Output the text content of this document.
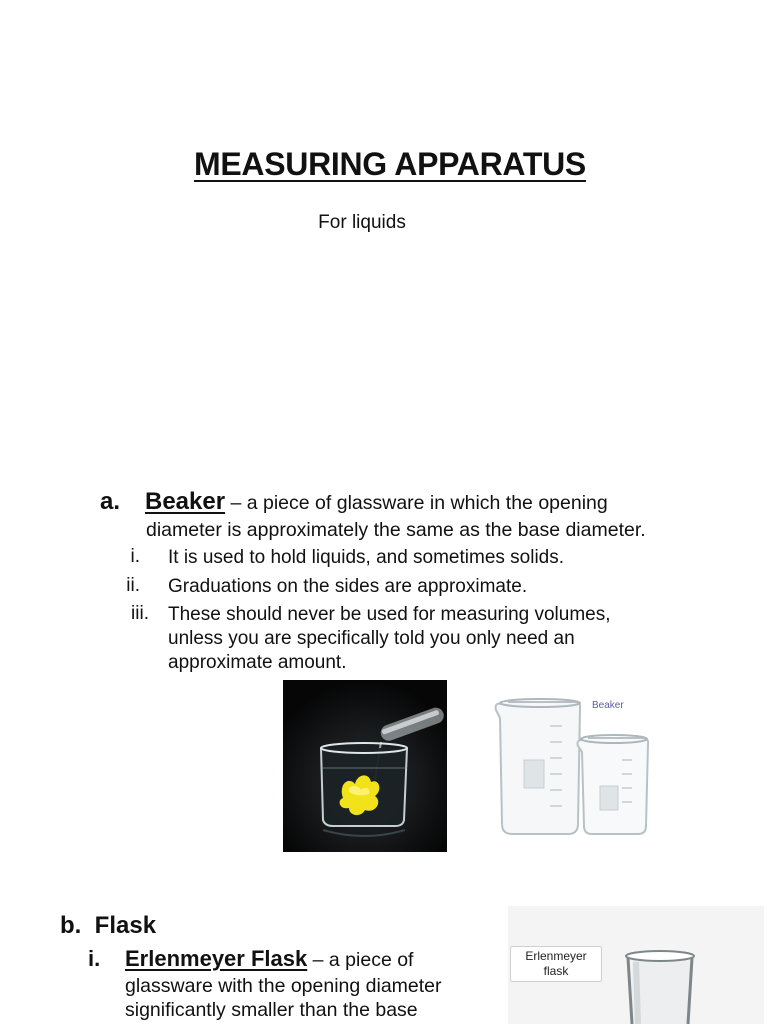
MEASURING APPARATUS
For liquids
a. Beaker – a piece of glassware in which the opening
diameter is approximately the same as the base diameter.
i. It is used to hold liquids, and sometimes solids.
ii. Graduations on the sides are approximate.
iii. These should never be used for measuring volumes,
unless you are specifically told you only need an
approximate amount.
Beaker
b.  Flask
i. Erlenmeyer Flask – a piece of
glassware with the opening diameter
significantly smaller than the base
Erlenmeyer
flask
